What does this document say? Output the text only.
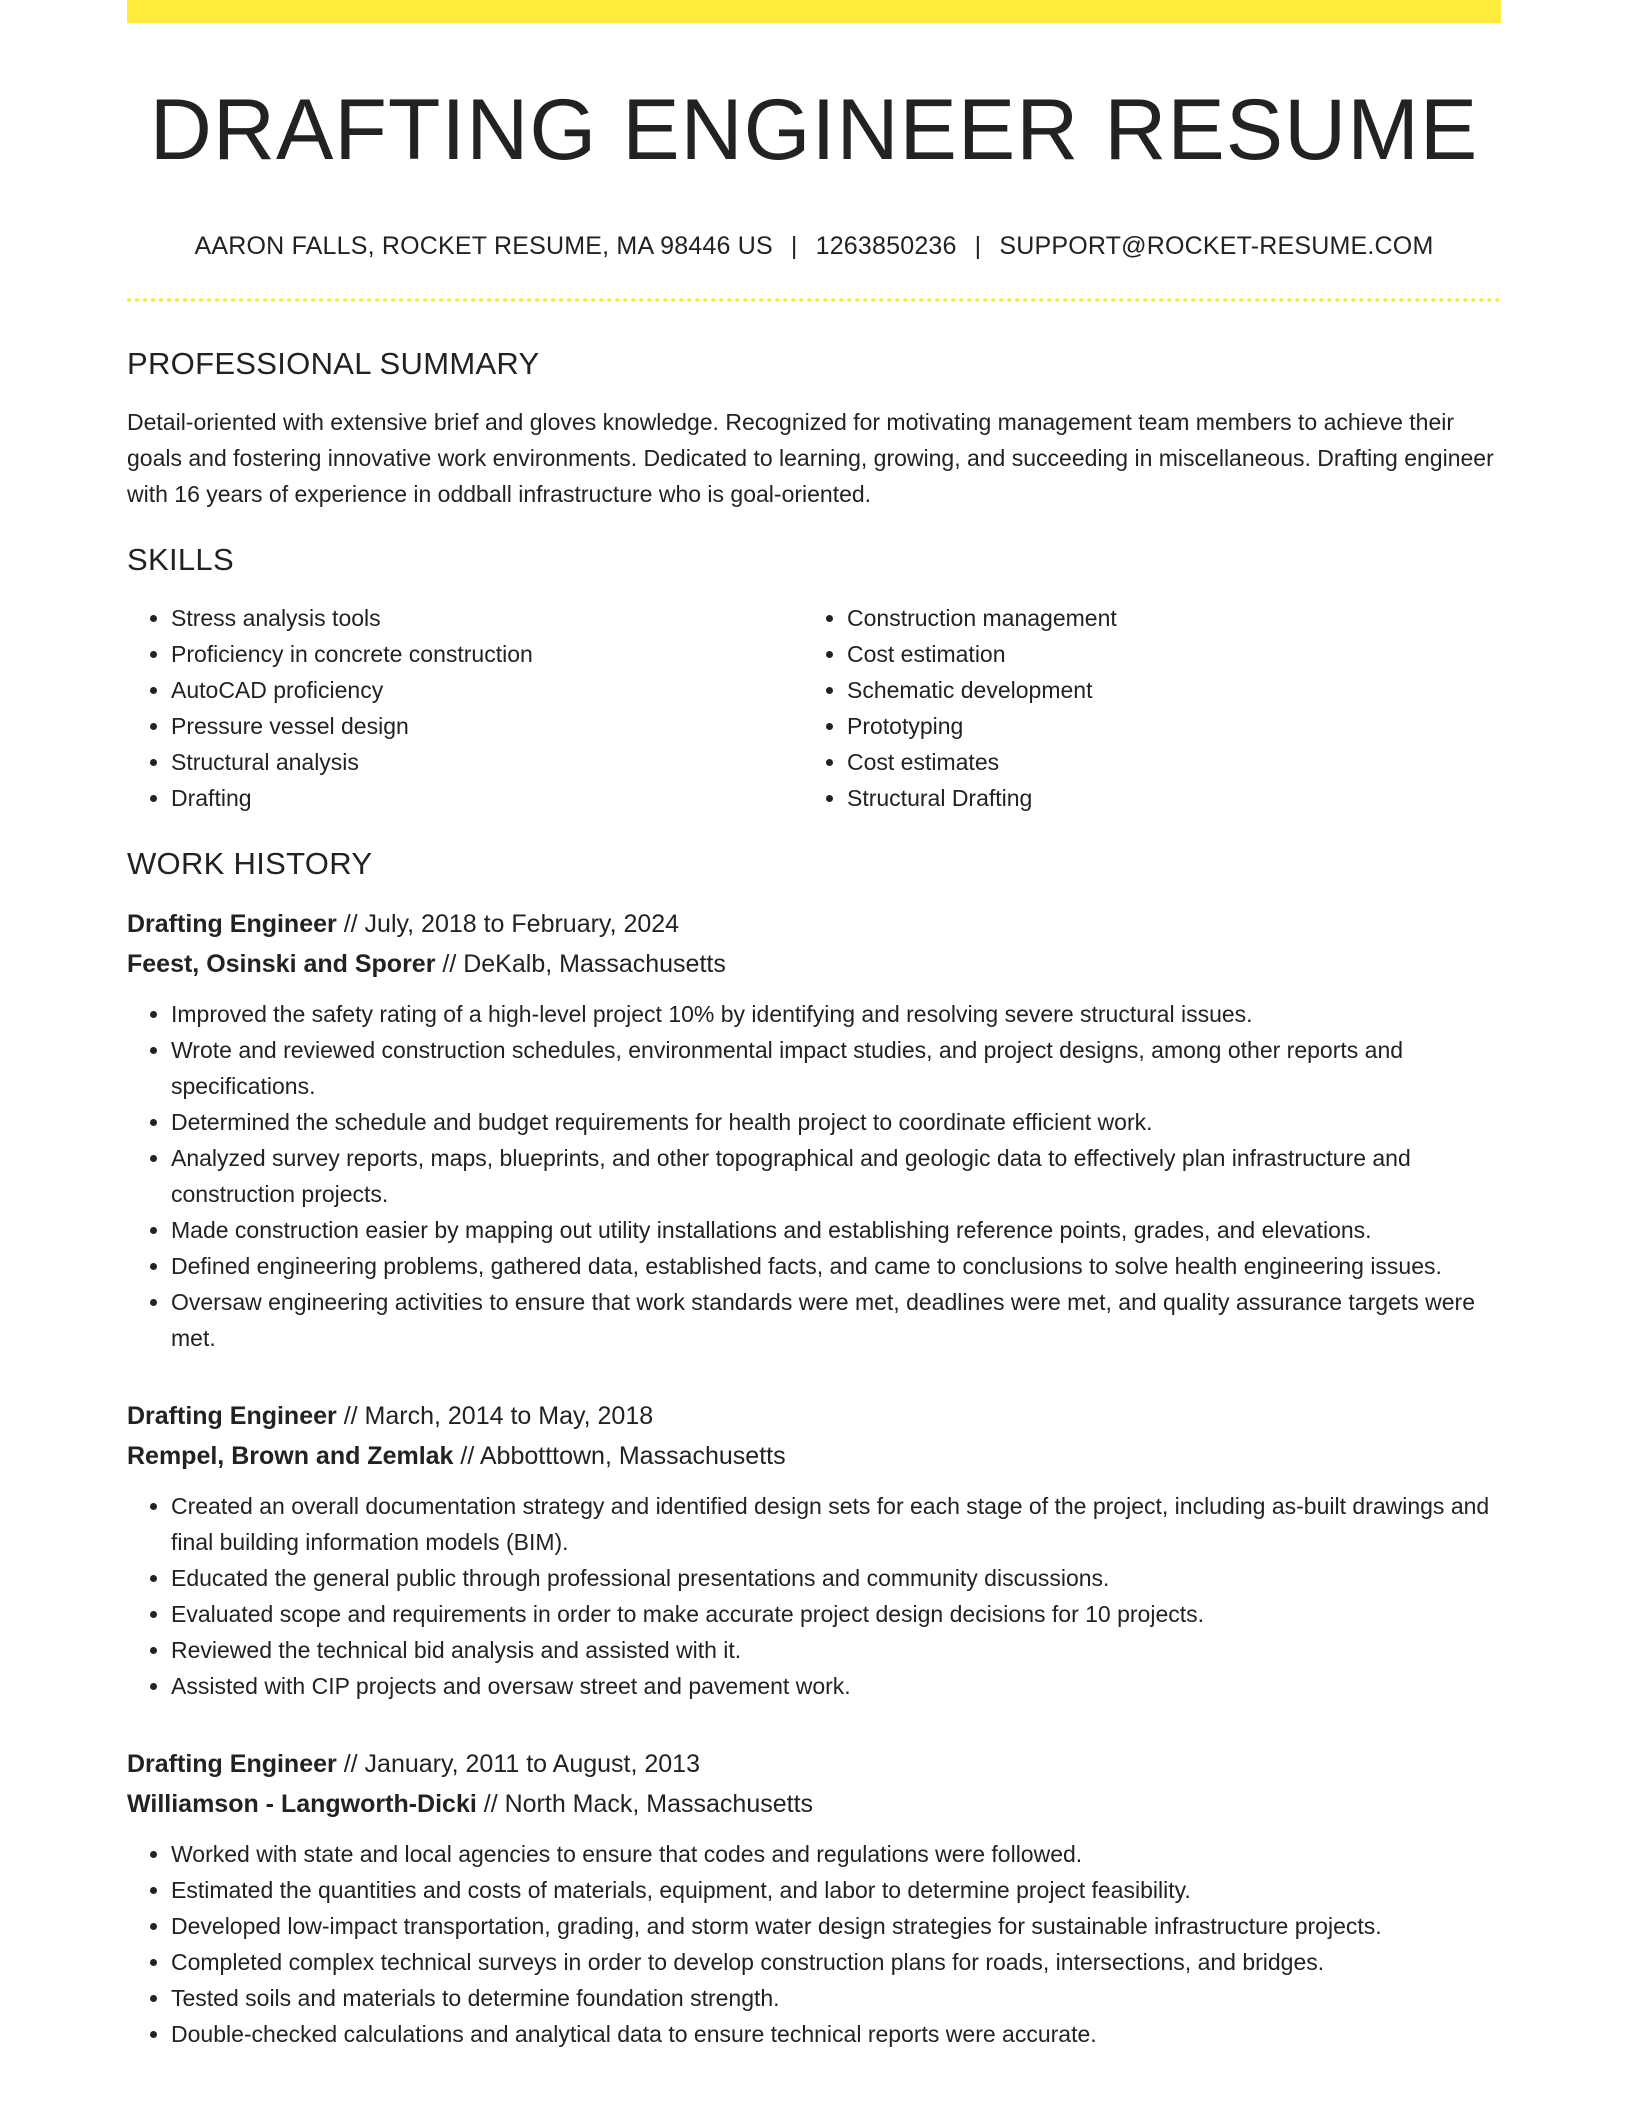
DRAFTING ENGINEER RESUME
AARON FALLS, ROCKET RESUME, MA 98446 US | 1263850236 | SUPPORT@ROCKET-RESUME.COM
PROFESSIONAL SUMMARY
Detail-oriented with extensive brief and gloves knowledge. Recognized for motivating management team members to achieve their goals and fostering innovative work environments. Dedicated to learning, growing, and succeeding in miscellaneous. Drafting engineer with 16 years of experience in oddball infrastructure who is goal-oriented.
SKILLS
• Stress analysis tools
• Proficiency in concrete construction
• AutoCAD proficiency
• Pressure vessel design
• Structural analysis
• Drafting
• Construction management
• Cost estimation
• Schematic development
• Prototyping
• Cost estimates
• Structural Drafting
WORK HISTORY
Drafting Engineer // July, 2018 to February, 2024
Feest, Osinski and Sporer // DeKalb, Massachusetts
• Improved the safety rating of a high-level project 10% by identifying and resolving severe structural issues.
• Wrote and reviewed construction schedules, environmental impact studies, and project designs, among other reports and specifications.
• Determined the schedule and budget requirements for health project to coordinate efficient work.
• Analyzed survey reports, maps, blueprints, and other topographical and geologic data to effectively plan infrastructure and construction projects.
• Made construction easier by mapping out utility installations and establishing reference points, grades, and elevations.
• Defined engineering problems, gathered data, established facts, and came to conclusions to solve health engineering issues.
• Oversaw engineering activities to ensure that work standards were met, deadlines were met, and quality assurance targets were met.
Drafting Engineer // March, 2014 to May, 2018
Rempel, Brown and Zemlak // Abbotttown, Massachusetts
• Created an overall documentation strategy and identified design sets for each stage of the project, including as-built drawings and final building information models (BIM).
• Educated the general public through professional presentations and community discussions.
• Evaluated scope and requirements in order to make accurate project design decisions for 10 projects.
• Reviewed the technical bid analysis and assisted with it.
• Assisted with CIP projects and oversaw street and pavement work.
Drafting Engineer // January, 2011 to August, 2013
Williamson - Langworth-Dicki // North Mack, Massachusetts
• Worked with state and local agencies to ensure that codes and regulations were followed.
• Estimated the quantities and costs of materials, equipment, and labor to determine project feasibility.
• Developed low-impact transportation, grading, and storm water design strategies for sustainable infrastructure projects.
• Completed complex technical surveys in order to develop construction plans for roads, intersections, and bridges.
• Tested soils and materials to determine foundation strength.
• Double-checked calculations and analytical data to ensure technical reports were accurate.
